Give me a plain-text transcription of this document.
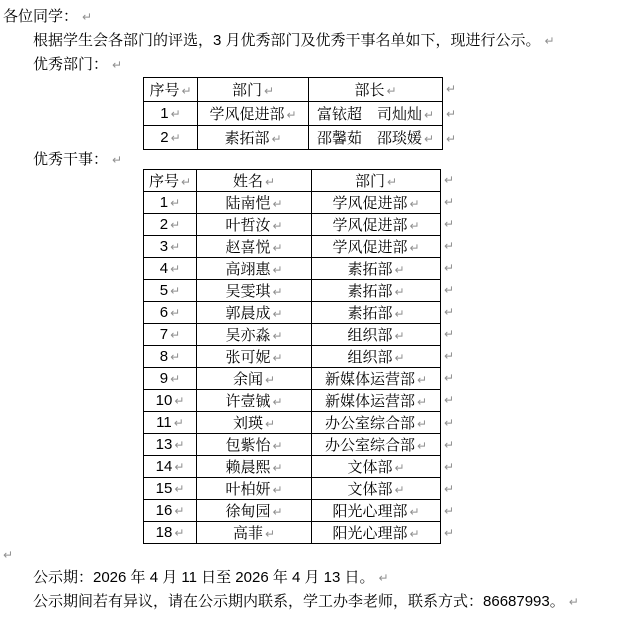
各位同学： ↵

根据学生会各部门的评选，3 月优秀部门及优秀干事名单如下，现进行公示。 ↵

优秀部门： ↵

序号 ↵	部门 ↵	部长 ↵
1 ↵	学风促进部 ↵	富铱超　司灿灿 ↵
2 ↵	素拓部 ↵	邵馨茹　邵琰媛 ↵
↵
↵
↵

优秀干事： ↵

序号 ↵	姓名 ↵	部门 ↵
1 ↵	陆南恺 ↵	学风促进部 ↵
2 ↵	叶哲汝 ↵	学风促进部 ↵
3 ↵	赵喜悦 ↵	学风促进部 ↵
4 ↵	高翊惠 ↵	素拓部 ↵
5 ↵	吴雯琪 ↵	素拓部 ↵
6 ↵	郭晨成 ↵	素拓部 ↵
7 ↵	吴亦淼 ↵	组织部 ↵
8 ↵	张可妮 ↵	组织部 ↵
9 ↵	余闻 ↵	新媒体运营部 ↵
10 ↵	许壹铖 ↵	新媒体运营部 ↵
11 ↵	刘瑛 ↵	办公室综合部 ↵
13 ↵	包紫怡 ↵	办公室综合部 ↵
14 ↵	赖晨熙 ↵	文体部 ↵
15 ↵	叶柏妍 ↵	文体部 ↵
16 ↵	徐甸园 ↵	阳光心理部 ↵
18 ↵	高菲 ↵	阳光心理部 ↵
↵
↵
↵
↵
↵
↵
↵
↵
↵
↵
↵
↵
↵
↵
↵
↵
↵

↵

公示期：2026 年 4 月 11 日至 2026 年 4 月 13 日。 ↵

公示期间若有异议，请在公示期内联系，学工办李老师，联系方式：86687993。 ↵
